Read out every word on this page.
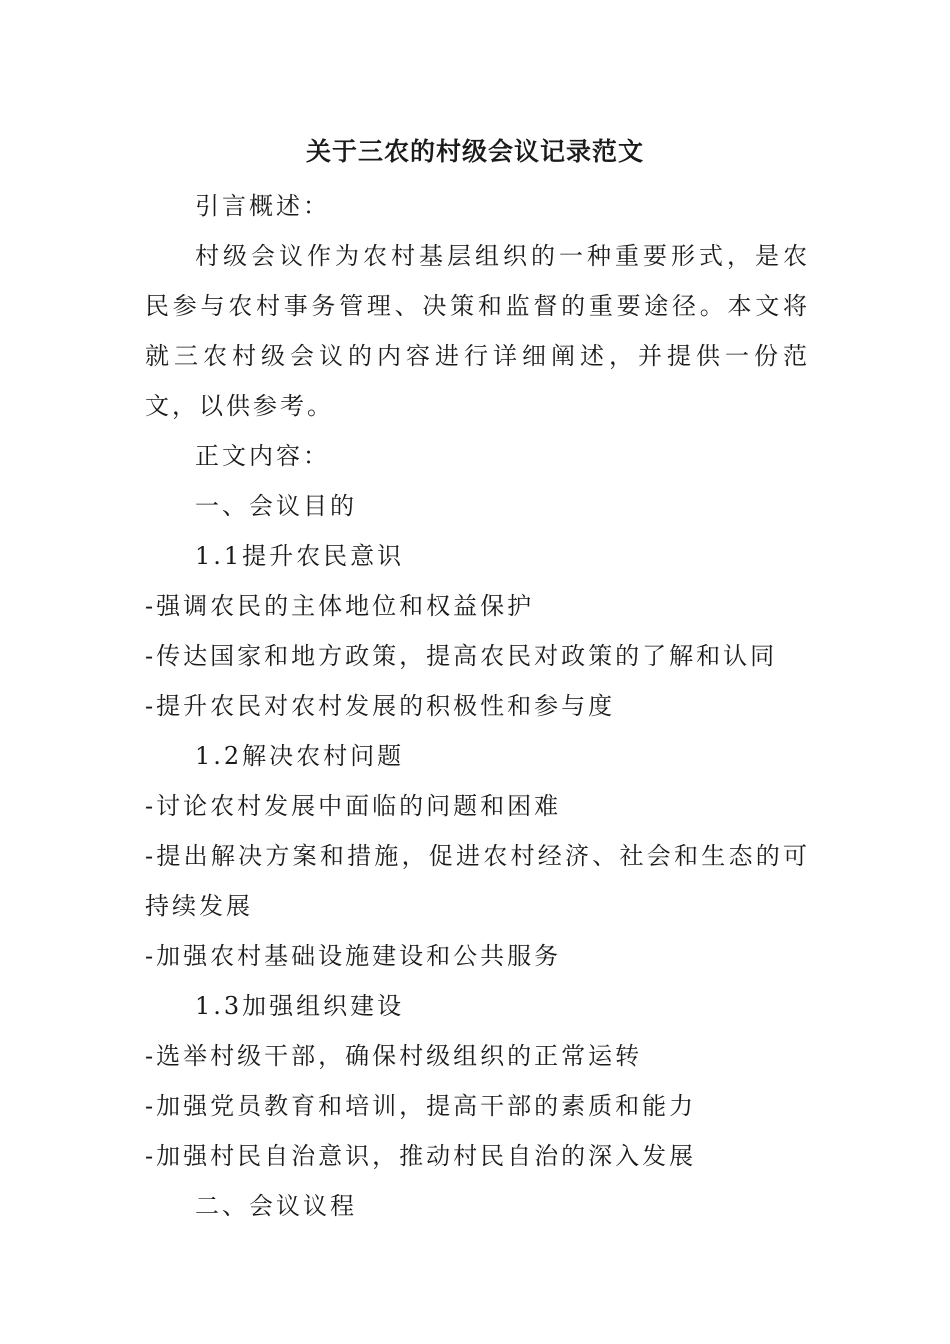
关于三农的村级会议记录范文
引言概述：
村级会议作为农村基层组织的一种重要形式，是农民参与农村事务管理、决策和监督的重要途径。本文将就三农村级会议的内容进行详细阐述，并提供一份范文，以供参考。
正文内容：
一、会议目的
1.1提升农民意识
-强调农民的主体地位和权益保护
-传达国家和地方政策，提高农民对政策的了解和认同
-提升农民对农村发展的积极性和参与度
1.2解决农村问题
-讨论农村发展中面临的问题和困难
-提出解决方案和措施，促进农村经济、社会和生态的可持续发展
-加强农村基础设施建设和公共服务
1.3加强组织建设
-选举村级干部，确保村级组织的正常运转
-加强党员教育和培训，提高干部的素质和能力
-加强村民自治意识，推动村民自治的深入发展
二、会议议程
